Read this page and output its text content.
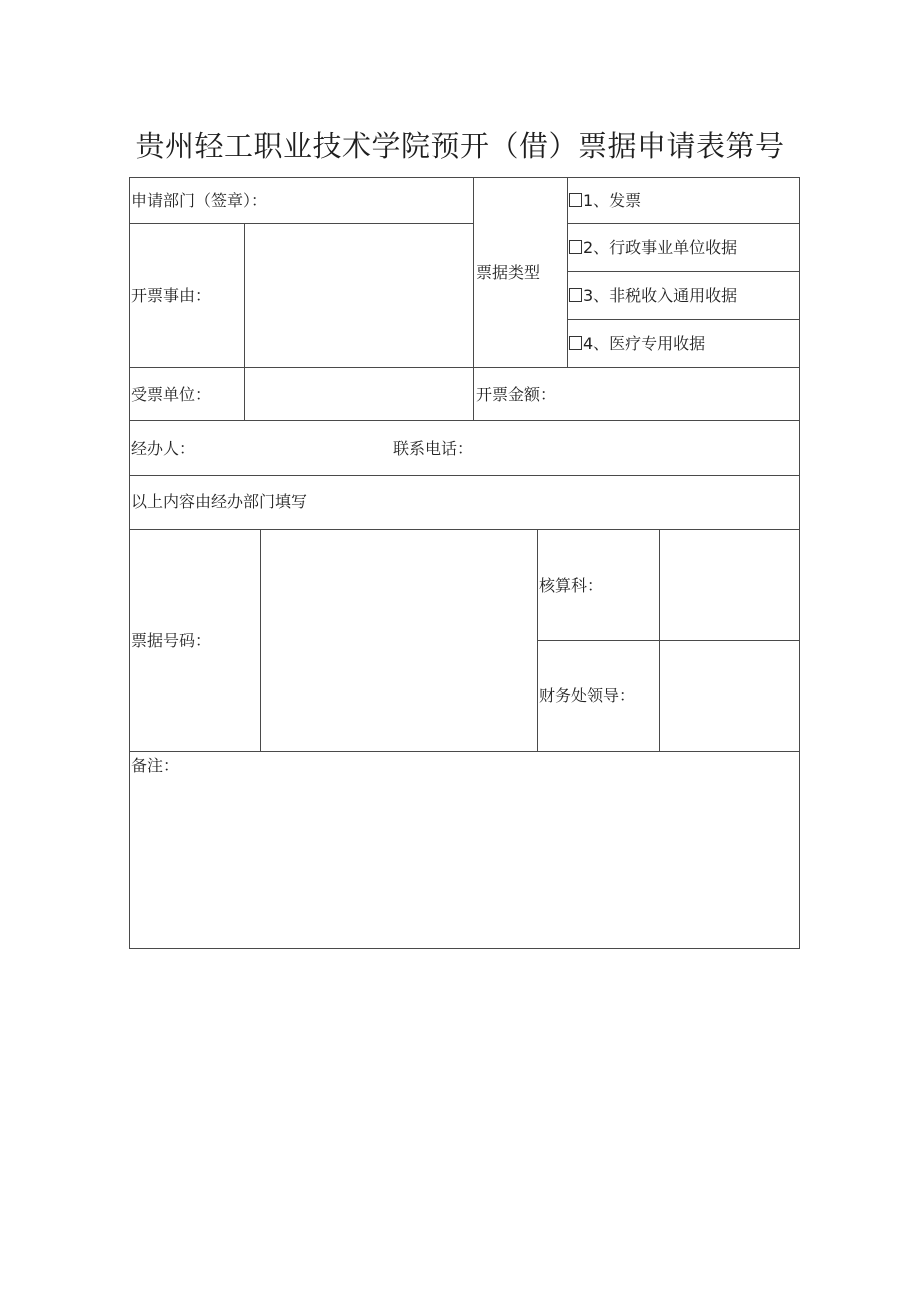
贵州轻工职业技术学院预开（借）票据申请表第号
申请部门（签章）：
开票事由：
票据类型
1、发票
2、行政事业单位收据
3、非税收入通用收据
4、医疗专用收据
受票单位：	开票金额：
经办人：	联系电话：
以上内容由经办部门填写
票据号码：
核算科：
财务处领导：
备注：
